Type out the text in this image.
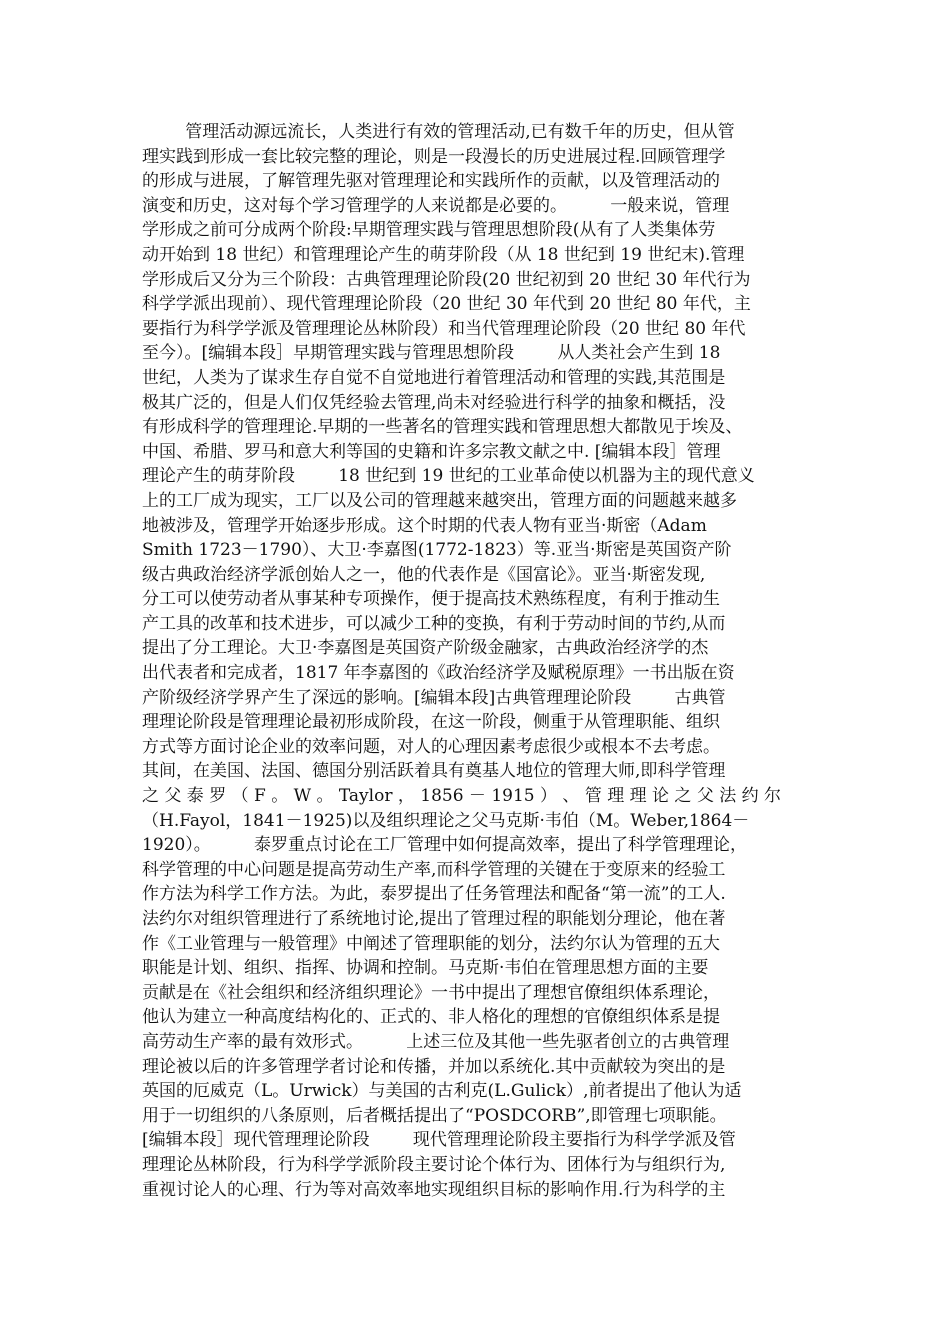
管理活动源远流长，人类进行有效的管理活动,已有数千年的历史，但从管
理实践到形成一套比较完整的理论，则是一段漫长的历史进展过程.回顾管理学
的形成与进展，了解管理先驱对管理理论和实践所作的贡献，以及管理活动的
演变和历史，这对每个学习管理学的人来说都是必要的。        一般来说，管理
学形成之前可分成两个阶段:早期管理实践与管理思想阶段(从有了人类集体劳
动开始到 18 世纪）和管理理论产生的萌芽阶段（从 18 世纪到 19 世纪末).管理
学形成后又分为三个阶段：古典管理理论阶段(20 世纪初到 20 世纪 30 年代行为
科学学派出现前）、现代管理理论阶段（20 世纪 30 年代到 20 世纪 80 年代，主
要指行为科学学派及管理理论丛林阶段）和当代管理理论阶段（20 世纪 80 年代
至今）。[编辑本段］早期管理实践与管理思想阶段        从人类社会产生到 18
世纪，人类为了谋求生存自觉不自觉地进行着管理活动和管理的实践,其范围是
极其广泛的，但是人们仅凭经验去管理,尚未对经验进行科学的抽象和概括，没
有形成科学的管理理论.早期的一些著名的管理实践和管理思想大都散见于埃及、
中国、希腊、罗马和意大利等国的史籍和许多宗教文献之中. [编辑本段］管理
理论产生的萌芽阶段        18 世纪到 19 世纪的工业革命使以机器为主的现代意义
上的工厂成为现实，工厂以及公司的管理越来越突出，管理方面的问题越来越多
地被涉及，管理学开始逐步形成。这个时期的代表人物有亚当·斯密（Adam
Smith 1723－1790）、大卫·李嘉图(1772-1823）等.亚当·斯密是英国资产阶
级古典政治经济学派创始人之一，他的代表作是《国富论》。亚当·斯密发现,
分工可以使劳动者从事某种专项操作，便于提高技术熟练程度，有利于推动生
产工具的改革和技术进步，可以减少工种的变换，有利于劳动时间的节约,从而
提出了分工理论。大卫·李嘉图是英国资产阶级金融家，古典政治经济学的杰
出代表者和完成者，1817 年李嘉图的《政治经济学及赋税原理》一书出版在资
产阶级经济学界产生了深远的影响。[编辑本段]古典管理理论阶段        古典管
理理论阶段是管理理论最初形成阶段，在这一阶段，侧重于从管理职能、组织
方式等方面讨论企业的效率问题，对人的心理因素考虑很少或根本不去考虑。
其间，在美国、法国、德国分别活跃着具有奠基人地位的管理大师,即科学管理
之 父 泰 罗 （ F 。 W 。 Taylor ， 1856 － 1915 ） 、 管 理 理 论 之 父 法 约 尔
（H.Fayol，1841－1925)以及组织理论之父马克斯·韦伯（M。Weber,1864－
1920）。        泰罗重点讨论在工厂管理中如何提高效率，提出了科学管理理论，
科学管理的中心问题是提高劳动生产率,而科学管理的关键在于变原来的经验工
作方法为科学工作方法。为此，泰罗提出了任务管理法和配备“第一流”的工人.
法约尔对组织管理进行了系统地讨论,提出了管理过程的职能划分理论，他在著
作《工业管理与一般管理》中阐述了管理职能的划分，法约尔认为管理的五大
职能是计划、组织、指挥、协调和控制。马克斯·韦伯在管理思想方面的主要
贡献是在《社会组织和经济组织理论》一书中提出了理想官僚组织体系理论，
他认为建立一种高度结构化的、正式的、非人格化的理想的官僚组织体系是提
高劳动生产率的最有效形式。        上述三位及其他一些先驱者创立的古典管理
理论被以后的许多管理学者讨论和传播，并加以系统化.其中贡献较为突出的是
英国的厄威克（L。Urwick）与美国的古利克(L.Gulick）,前者提出了他认为适
用于一切组织的八条原则，后者概括提出了“POSDCORB”,即管理七项职能。
[编辑本段］现代管理理论阶段        现代管理理论阶段主要指行为科学学派及管
理理论丛林阶段，行为科学学派阶段主要讨论个体行为、团体行为与组织行为,
重视讨论人的心理、行为等对高效率地实现组织目标的影响作用.行为科学的主
